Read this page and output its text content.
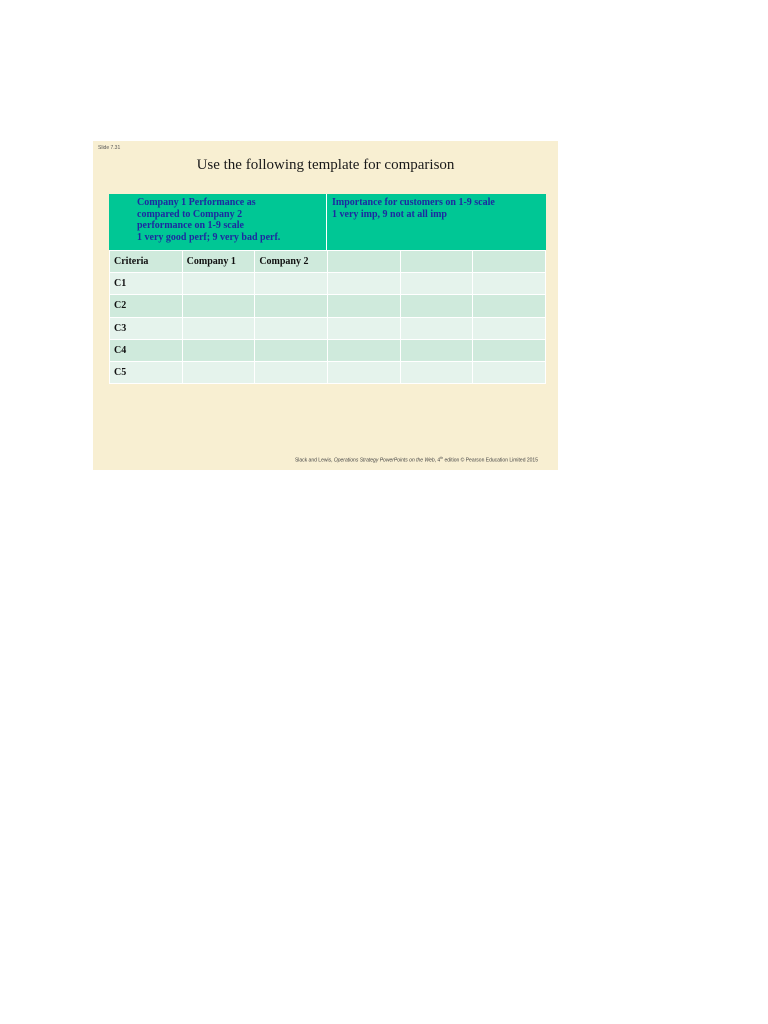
Slide 7.31
Use the following template for comparison
Company 1 Performance as
compared to Company 2
performance on 1-9 scale
1 very good perf; 9 very bad perf.
Importance for customers on 1-9 scale
1 very imp, 9 not at all imp
Criteria	Company 1	Company 2			
C1					
C2					
C3					
C4					
C5					
Slack and Lewis, Operations Strategy PowerPoints on the Web, 4th edition © Pearson Education Limited 2015
